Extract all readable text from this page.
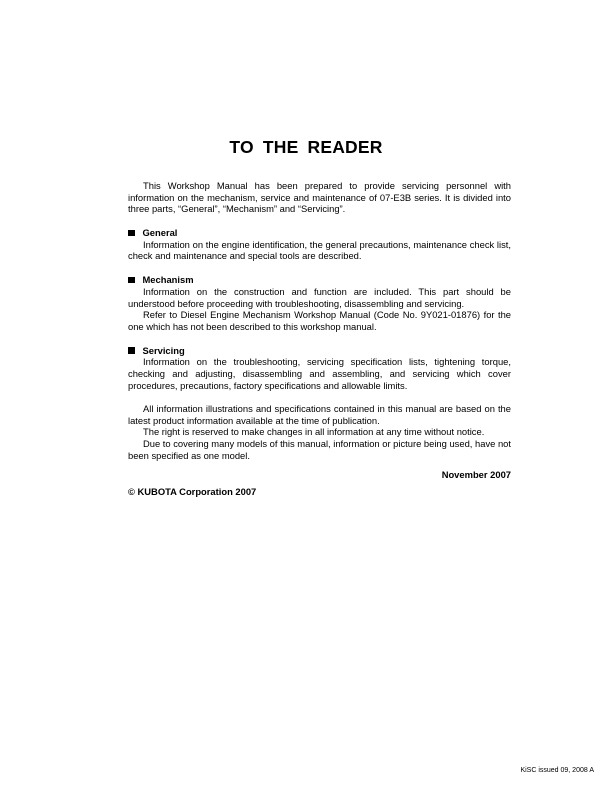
TO THE READER

This Workshop Manual has been prepared to provide servicing personnel with information on the mechanism, service and maintenance of 07-E3B series. It is divided into three parts, “General”, “Mechanism” and “Servicing”.

General

Information on the engine identification, the general precautions, maintenance check list, check and maintenance and special tools are described.

Mechanism

Information on the construction and function are included. This part should be understood before proceeding with troubleshooting, disassembling and servicing.

Refer to Diesel Engine Mechanism Workshop Manual (Code No. 9Y021-01876) for the one which has not been described to this workshop manual.

Servicing

Information on the troubleshooting, servicing specification lists, tightening torque, checking and adjusting, disassembling and assembling, and servicing which cover procedures, precautions, factory specifications and allowable limits.

All information illustrations and specifications contained in this manual are based on the latest product information available at the time of publication.

The right is reserved to make changes in all information at any time without notice.

Due to covering many models of this manual, information or picture being used, have not been specified as one model.

November 2007
© KUBOTA Corporation 2007
KiSC issued 09, 2008 A
